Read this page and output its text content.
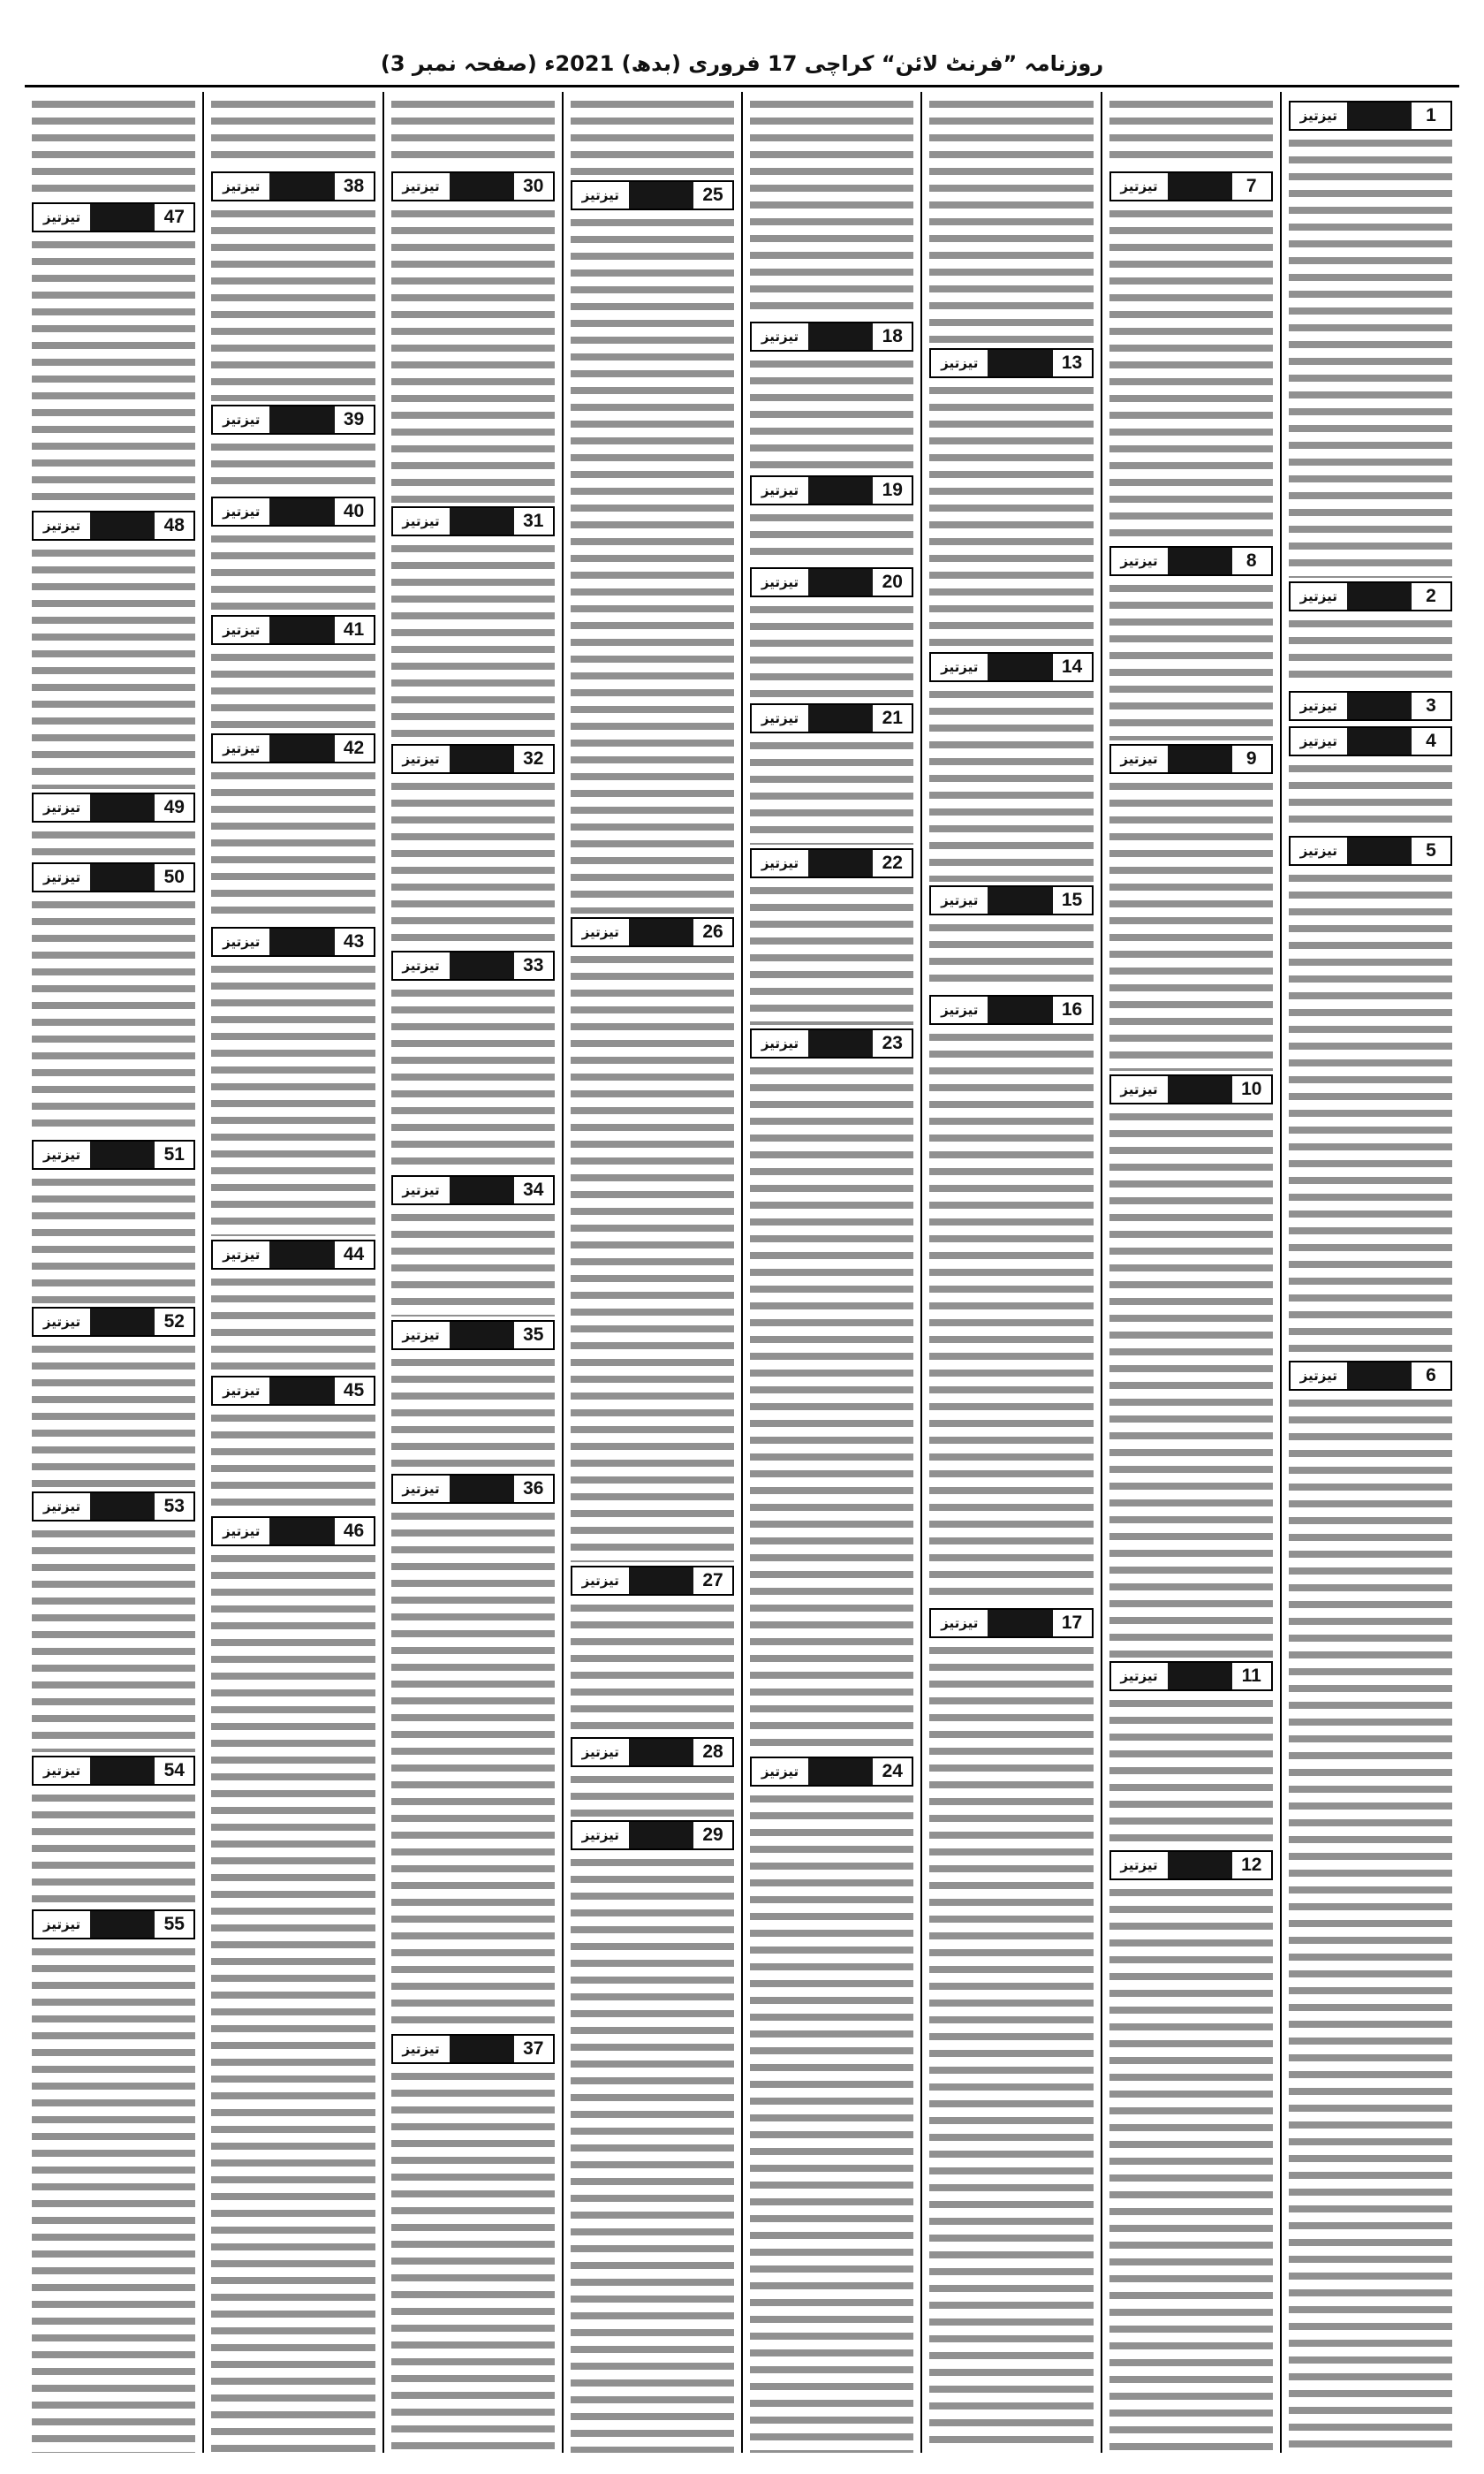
روزنامہ ”فرنٹ لائن“ کراچی 17 فروری (بدھ) 2021ء (صفحہ نمبر 3)
1
تیزتیز
2
تیزتیز
3
تیزتیز
4
تیزتیز
5
تیزتیز
6
تیزتیز
7
تیزتیز
8
تیزتیز
9
تیزتیز
10
تیزتیز
11
تیزتیز
12
تیزتیز
13
تیزتیز
14
تیزتیز
15
تیزتیز
16
تیزتیز
17
تیزتیز
18
تیزتیز
19
تیزتیز
20
تیزتیز
21
تیزتیز
22
تیزتیز
23
تیزتیز
24
تیزتیز
25
تیزتیز
26
تیزتیز
27
تیزتیز
28
تیزتیز
29
تیزتیز
30
تیزتیز
31
تیزتیز
32
تیزتیز
33
تیزتیز
34
تیزتیز
35
تیزتیز
36
تیزتیز
37
تیزتیز
38
تیزتیز
39
تیزتیز
40
تیزتیز
41
تیزتیز
42
تیزتیز
43
تیزتیز
44
تیزتیز
45
تیزتیز
46
تیزتیز
47
تیزتیز
48
تیزتیز
49
تیزتیز
50
تیزتیز
51
تیزتیز
52
تیزتیز
53
تیزتیز
54
تیزتیز
55
تیزتیز
